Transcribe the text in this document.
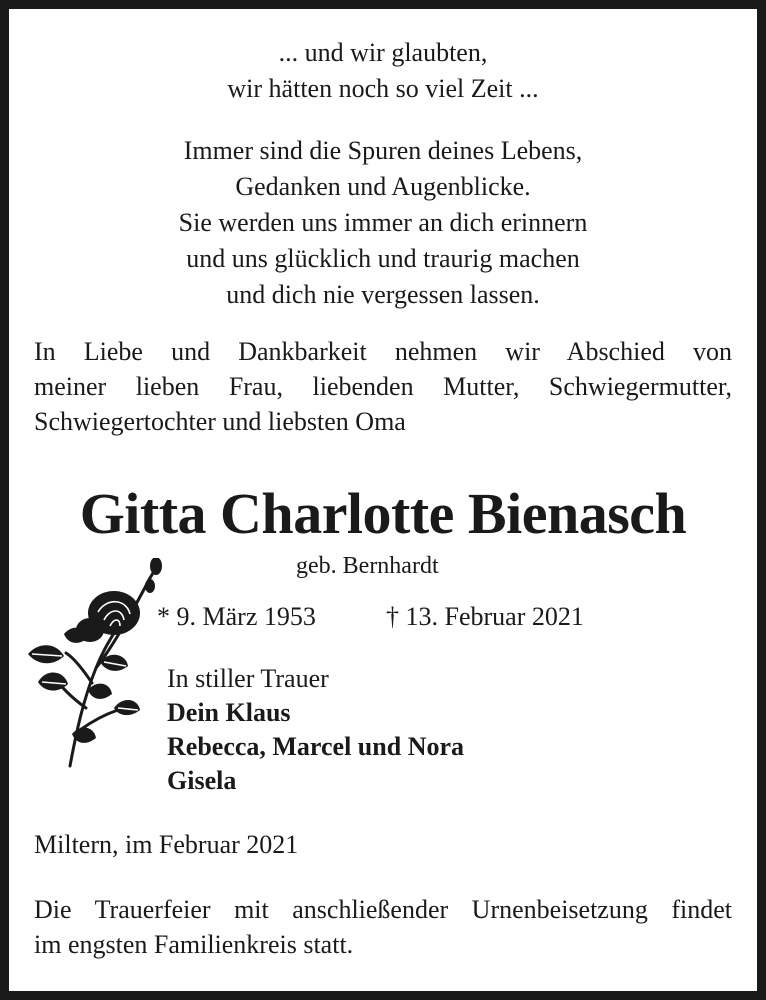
... und wir glaubten,
wir hätten noch so viel Zeit ...
Immer sind die Spuren deines Lebens,
Gedanken und Augenblicke.
Sie werden uns immer an dich erinnern
und uns glücklich und traurig machen
und dich nie vergessen lassen.
In Liebe und Dankbarkeit nehmen wir Abschied von
meiner lieben Frau, liebenden Mutter, Schwiegermutter,
Schwiegertochter und liebsten Oma
Gitta Charlotte Bienasch
geb. Bernhardt
* 9. März 1953	† 13. Februar 2021
In stiller Trauer
Dein Klaus
Rebecca, Marcel und Nora
Gisela
Miltern, im Februar 2021
Die Trauerfeier mit anschließender Urnenbeisetzung findet
im engsten Familienkreis statt.
